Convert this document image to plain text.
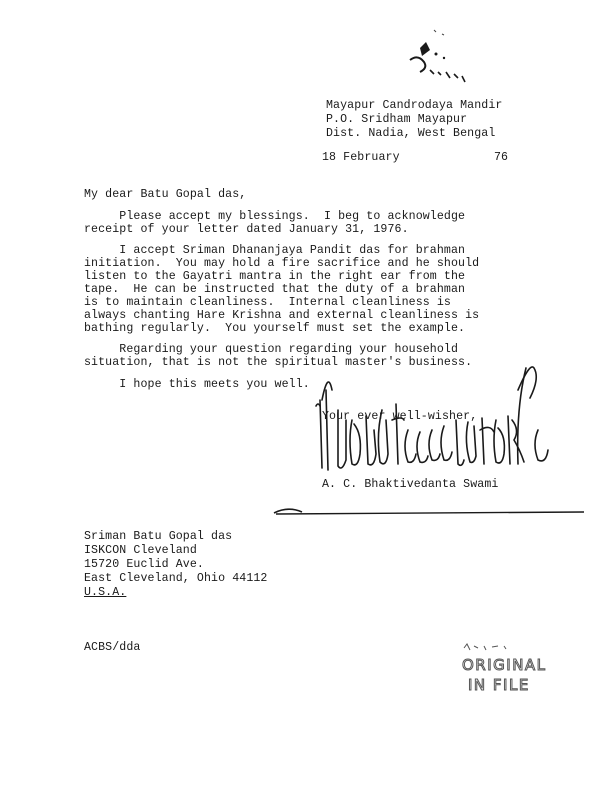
Mayapur Candrodaya Mandir
P.O. Sridham Mayapur
Dist. Nadia, West Bengal
18 February	76
My dear Batu Gopal das,
Please accept my blessings.  I beg to acknowledge
receipt of your letter dated January 31, 1976.
I accept Sriman Dhananjaya Pandit das for brahman
initiation.  You may hold a fire sacrifice and he should
listen to the Gayatri mantra in the right ear from the
tape.  He can be instructed that the duty of a brahman
is to maintain cleanliness.  Internal cleanliness is
always chanting Hare Krishna and external cleanliness is
bathing regularly.  You yourself must set the example.
Regarding your question regarding your household
situation, that is not the spiritual master's business.
I hope this meets you well.
Your ever well-wisher,
A. C. Bhaktivedanta Swami
Sriman Batu Gopal das
ISKCON Cleveland
15720 Euclid Ave.
East Cleveland, Ohio 44112
U.S.A.
ACBS/dda
ORIGINAL
IN FILE
